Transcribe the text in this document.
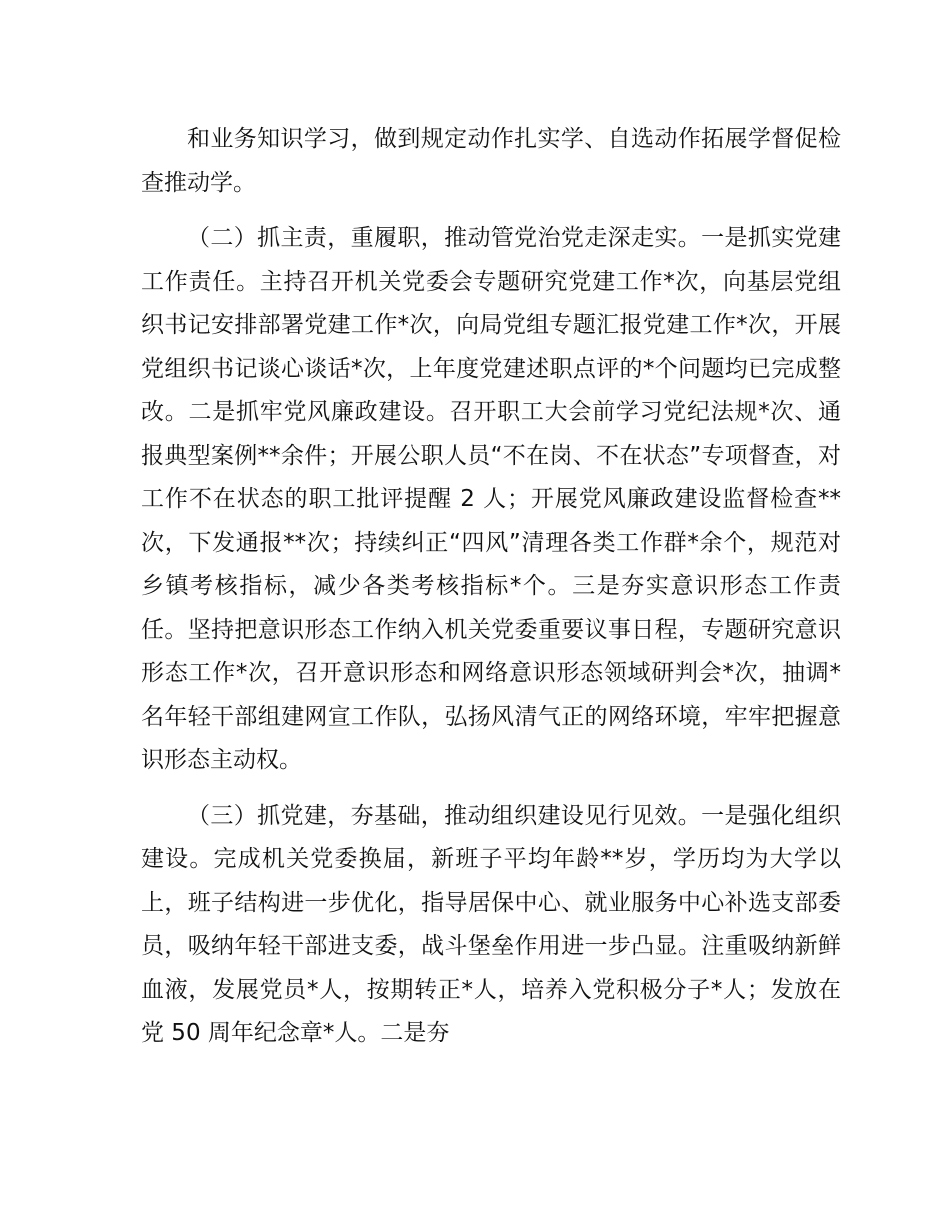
和业务知识学习，做到规定动作扎实学、自选动作拓展学督促检查推动学。

（二）抓主责，重履职，推动管党治党走深走实。一是抓实党建工作责任。主持召开机关党委会专题研究党建工作*次，向基层党组织书记安排部署党建工作*次，向局党组专题汇报党建工作*次，开展党组织书记谈心谈话*次，上年度党建述职点评的*个问题均已完成整改。二是抓牢党风廉政建设。召开职工大会前学习党纪法规*次、通报典型案例**余件；开展公职人员“不在岗、不在状态”专项督查，对工作不在状态的职工批评提醒 2 人；开展党风廉政建设监督检查**次，下发通报**次；持续纠正“四风”清理各类工作群*余个，规范对乡镇考核指标，减少各类考核指标*个。三是夯实意识形态工作责任。坚持把意识形态工作纳入机关党委重要议事日程，专题研究意识形态工作*次，召开意识形态和网络意识形态领域研判会*次，抽调*名年轻干部组建网宣工作队，弘扬风清气正的网络环境，牢牢把握意识形态主动权。

（三）抓党建，夯基础，推动组织建设见行见效。一是强化组织建设。完成机关党委换届，新班子平均年龄**岁，学历均为大学以上，班子结构进一步优化，指导居保中心、就业服务中心补选支部委员，吸纳年轻干部进支委，战斗堡垒作用进一步凸显。注重吸纳新鲜血液，发展党员*人，按期转正*人，培养入党积极分子*人；发放在党 50 周年纪念章*人。二是夯
